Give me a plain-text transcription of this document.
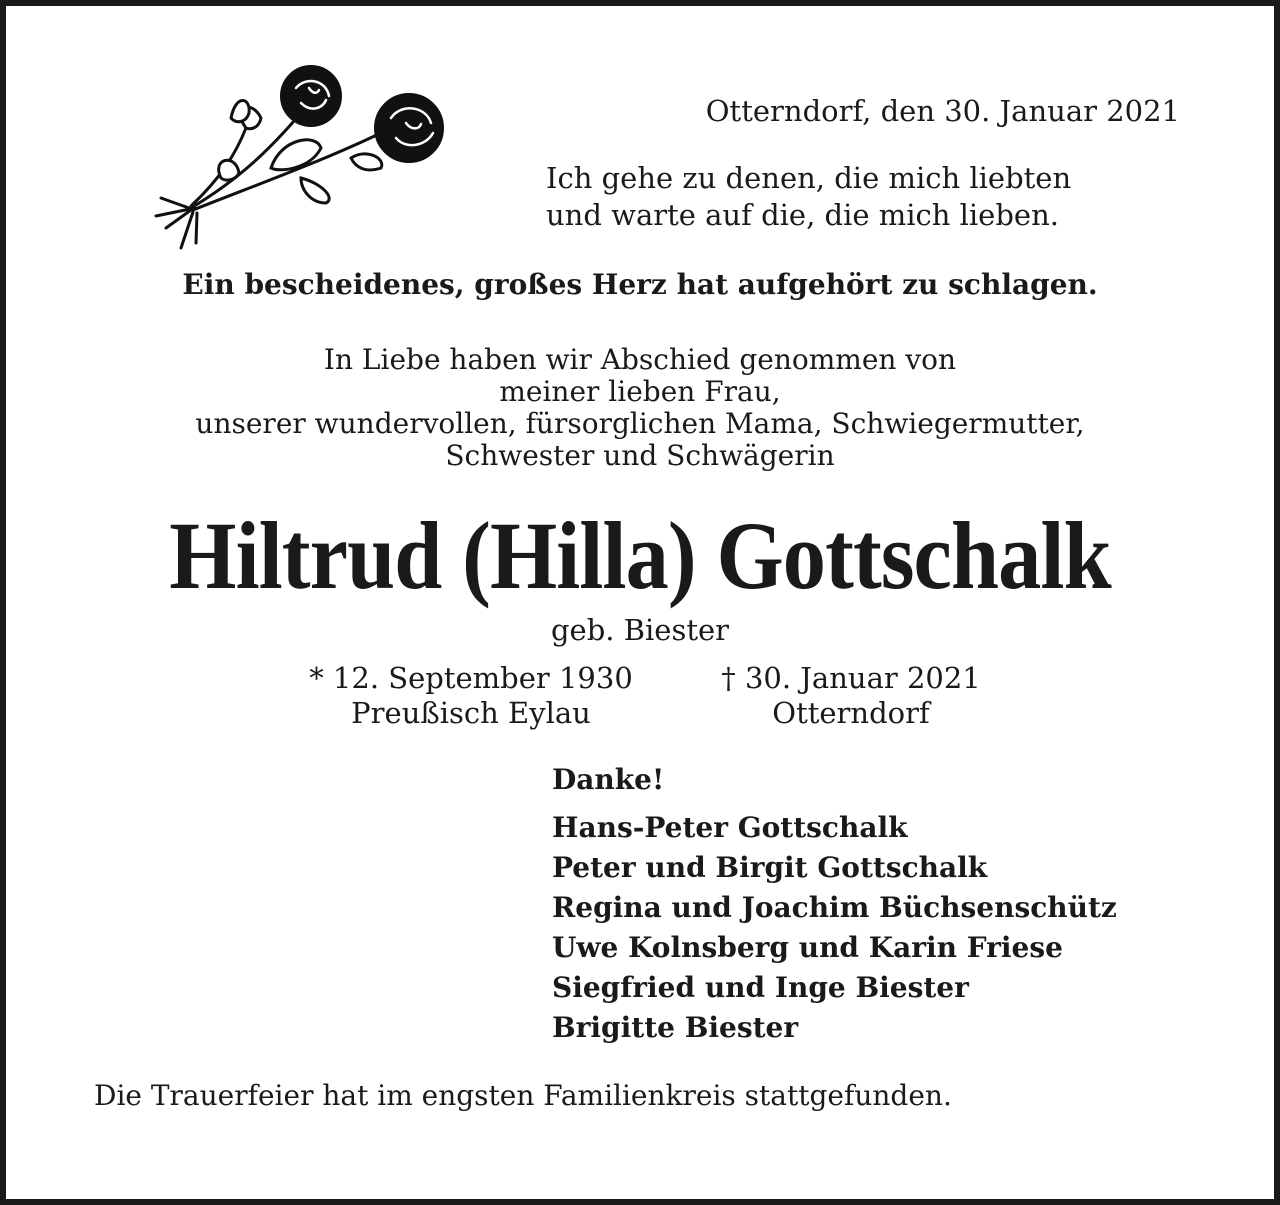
Otterndorf, den 30. Januar 2021
Ich gehe zu denen, die mich liebten
und warte auf die, die mich lieben.
Ein bescheidenes, großes Herz hat aufgehört zu schlagen.
In Liebe haben wir Abschied genommen von
meiner lieben Frau,
unserer wundervollen, fürsorglichen Mama, Schwiegermutter,
Schwester und Schwägerin
Hiltrud (Hilla) Gottschalk
geb. Biester
* 12. September 1930
Preußisch Eylau
† 30. Januar 2021
Otterndorf
Danke!
Hans-Peter Gottschalk
Peter und Birgit Gottschalk
Regina und Joachim Büchsenschütz
Uwe Kolnsberg und Karin Friese
Siegfried und Inge Biester
Brigitte Biester
Die Trauerfeier hat im engsten Familienkreis stattgefunden.
